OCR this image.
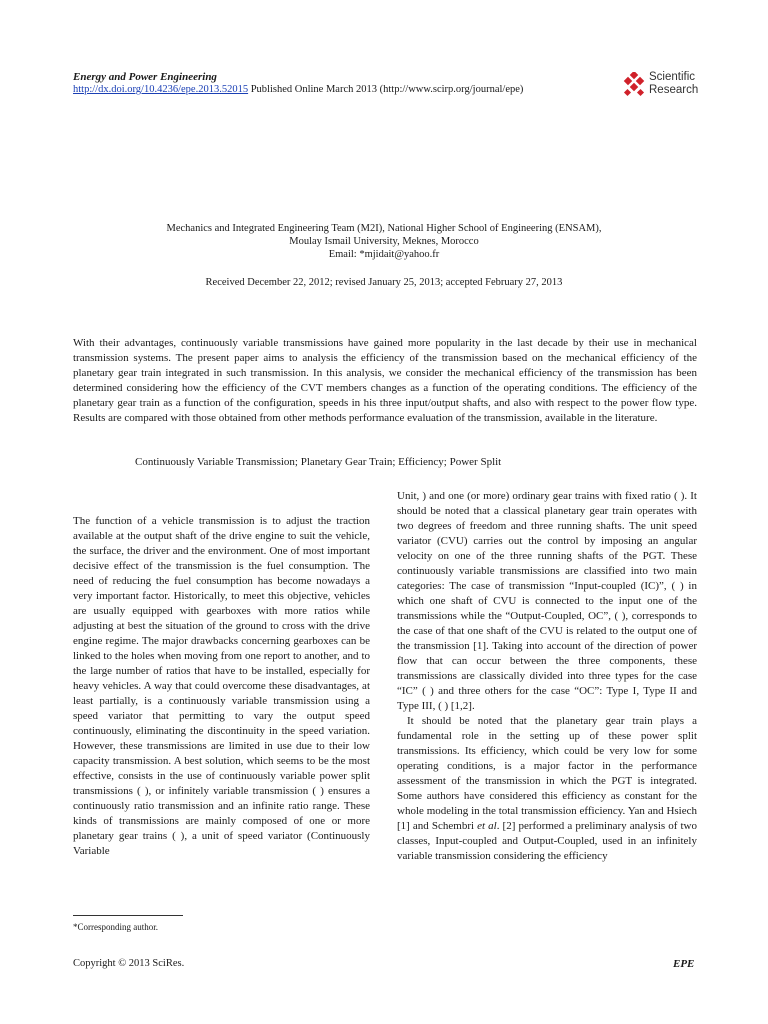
Energy and Power Engineering
http://dx.doi.org/10.4236/epe.2013.52015 Published Online March 2013 (http://www.scirp.org/journal/epe)
Scientific
Research
Mechanics and Integrated Engineering Team (M2I), National Higher School of Engineering (ENSAM),
Moulay Ismail University, Meknes, Morocco
Email: *mjidait@yahoo.fr
Received December 22, 2012; revised January 25, 2013; accepted February 27, 2013
With their advantages, continuously variable transmissions have gained more popularity in the last decade by their use in mechanical transmission systems. The present paper aims to analysis the efficiency of the transmission based on the mechanical efficiency of the planetary gear train integrated in such transmission. In this analysis, we consider the mechanical efficiency of the transmission has been determined considering how the efficiency of the CVT members changes as a function of the operating conditions. The efficiency of the planetary gear train as a function of the configuration, speeds in his three input/output shafts, and also with respect to the power flow type. Results are compared with those obtained from other methods performance evaluation of the transmission, available in the literature.
Continuously Variable Transmission; Planetary Gear Train; Efficiency; Power Split

The function of a vehicle transmission is to adjust the traction available at the output shaft of the drive engine to suit the vehicle, the surface, the driver and the environment. One of most important decisive effect of the transmission is the fuel consumption. The need of reducing the fuel consumption has become nowadays a very important factor. Historically, to meet this objective, vehicles are usually equipped with gearboxes with more ratios while adjusting at best the situation of the ground to cross with the drive engine regime. The major drawbacks concerning gearboxes can be linked to the holes when moving from one report to another, and to the large number of ratios that have to be installed, especially for heavy vehicles. A way that could overcome these disadvantages, at least partially, is a continuously variable transmission using a speed variator that permitting to vary the output speed continuously, eliminating the discontinuity in the speed variation. However, these transmissions are limited in use due to their low capacity transmission. A best solution, which seems to be the most effective, consists in the use of continuously variable power split transmissions ( ), or infinitely variable transmission ( ) ensures a continuously ratio transmission and an infinite ratio range. These kinds of transmissions are mainly composed of one or more planetary gear trains ( ), a unit of speed variator (Continuously Variable

Unit, ) and one (or more) ordinary gear trains with fixed ratio ( ). It should be noted that a classical planetary gear train operates with two degrees of freedom and three running shafts. The unit speed variator (CVU) carries out the control by imposing an angular velocity on one of the three running shafts of the PGT. These continuously variable transmissions are classified into two main categories: The case of transmission “Input-coupled (IC)”, ( ) in which one shaft of CVU is connected to the input one of the transmissions while the “Output-Coupled, OC”, ( ), corresponds to the case of that one shaft of the CVU is related to the output one of the transmission [1]. Taking into account of the direction of power flow that can occur between the three components, these transmissions are classically divided into three types for the case “IC” ( ) and three others for the case “OC”: Type I, Type II and Type III, ( ) [1,2].

It should be noted that the planetary gear train plays a fundamental role in the setting up of these power split transmissions. Its efficiency, which could be very low for some operating conditions, is a major factor in the performance assessment of the transmission in which the PGT is integrated. Some authors have considered this efficiency as constant for the whole modeling in the total transmission efficiency. Yan and Hsiech [1] and Schembri et al. [2] performed a preliminary analysis of two classes, Input-coupled and Output-Coupled, used in an infinitely variable transmission considering the efficiency

*Corresponding author.
Copyright © 2013 SciRes.	EPE
